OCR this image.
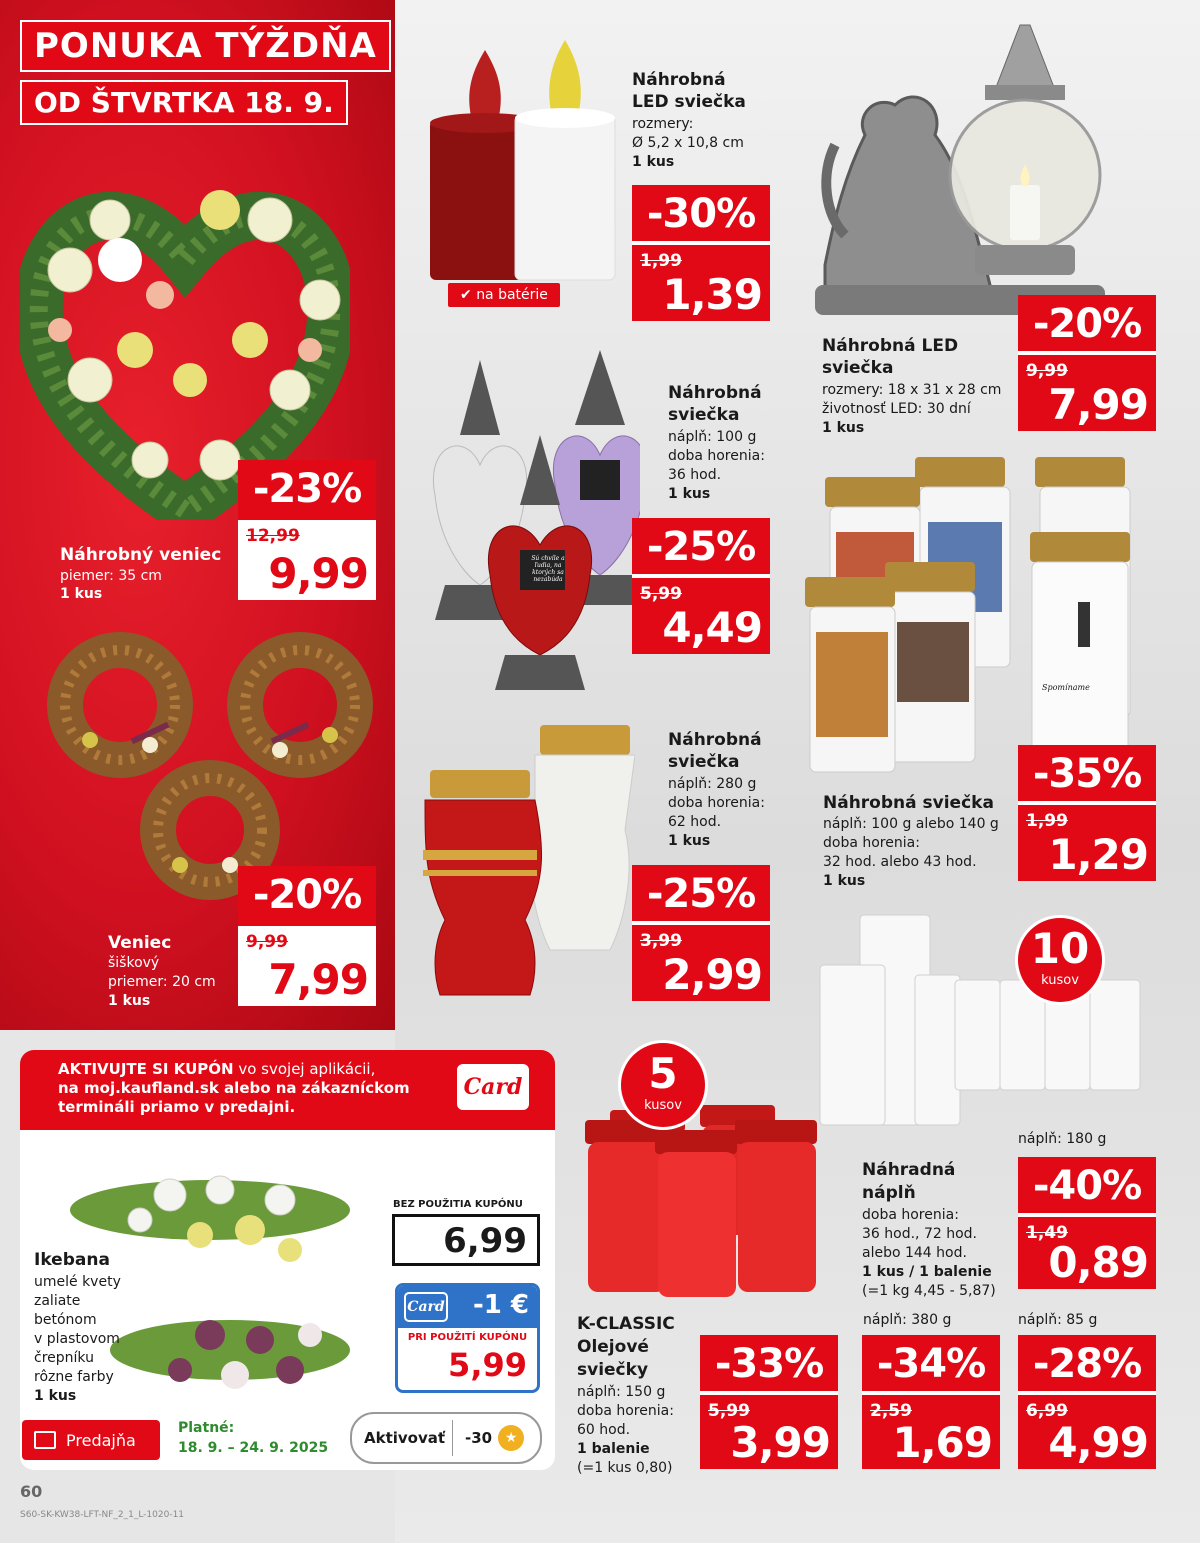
PONUKA TÝŽDŇA
OD ŠTVRTKA 18. 9.
Náhrobný veniec
piemer: 35 cm
1 kus
-23%
12,99
9,99
Veniec
šiškový
priemer: 20 cm
1 kus
-20%
9,99
7,99
✔ na batérie
Náhrobná
LED sviečka
rozmery:
Ø 5,2 x 10,8 cm
1 kus
-30%
1,99
1,39
-20%
9,99
7,99
Náhrobná LED
sviečka
rozmery: 18 x 31 x 28 cm
životnosť LED: 30 dní
1 kus
Sú chvíle a ľudia, na ktorých sa nezabúda
Náhrobná
sviečka
náplň: 100 g
doba horenia:
36 hod.
1 kus
-25%
5,99
4,49
Náhrobná
sviečka
náplň: 280 g
doba horenia:
62 hod.
1 kus
-25%
3,99
2,99
Spomíname
-35%
1,99
1,29
Náhrobná sviečka
náplň: 100 g alebo 140 g
doba horenia:
32 hod. alebo 43 hod.
1 kus
10
kusov
náplň: 180 g
Náhradná
náplň
doba horenia:
36 hod., 72 hod.
alebo 144 hod.
1 kus / 1 balenie
(=1 kg 4,45 - 5,87)
-40%
1,49
0,89
náplň: 380 g
-34%
2,59
1,69
náplň: 85 g
-28%
6,99
4,99
5
kusov
K-CLASSIC
Olejové
sviečky
náplň: 150 g
doba horenia:
60 hod.
1 balenie
(=1 kus 0,80)
-33%
5,99
3,99
AKTIVUJTE SI KUPÓN vo svojej aplikácii,
na moj.kaufland.sk alebo na zákazníckom
termináli priamo v predajni.
Card
Ikebana
umelé kvety
zaliate
betónom
v plastovom
črepníku
rôzne farby
1 kus
BEZ POUŽITIA KUPÓNU
6,99
Card -1 €
PRI POUŽITÍ KUPÓNU
5,99
Predajňa
Platné:
18. 9. – 24. 9. 2025
Aktivovať	-30 ★
60
S60-SK-KW38-LFT-NF_2_1_L-1020-11
